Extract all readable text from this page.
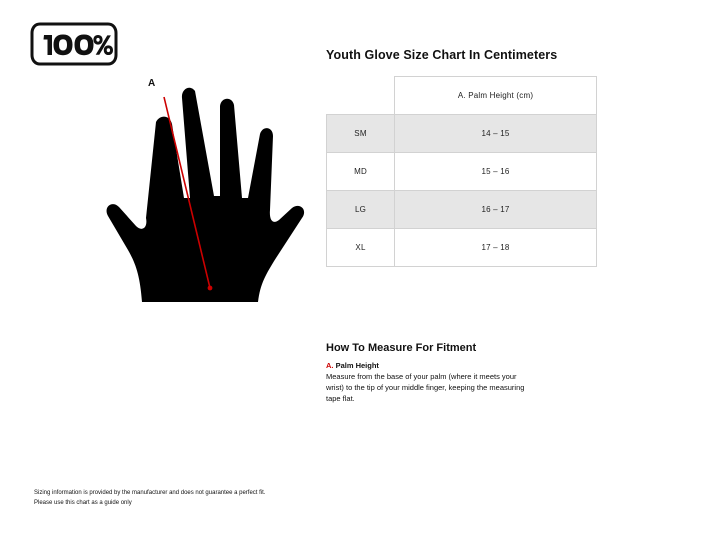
A
Youth Glove Size Chart In Centimeters
	A. Palm Height (cm)
SM	14 – 15
MD	15 – 16
LG	16 – 17
XL	17 – 18
How To Measure For Fitment

A. Palm Height

Measure from the base of your palm (where it meets your wrist) to the tip of your middle finger, keeping the measuring tape flat.

Sizing information is provided by the manufacturer and does not guarantee a perfect fit.
Please use this chart as a guide only
